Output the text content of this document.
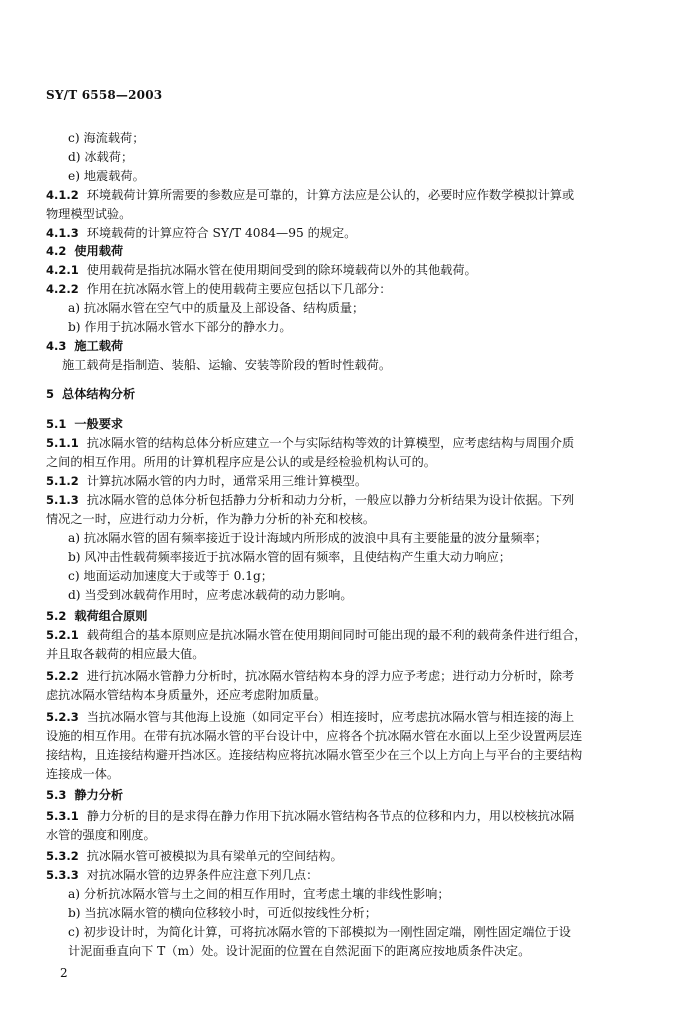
SY/T 6558—2003
c) 海流载荷；
d) 冰载荷；
e) 地震载荷。
4.1.2 环境载荷计算所需要的参数应是可靠的，计算方法应是公认的，必要时应作数学模拟计算或
物理模型试验。
4.1.3 环境载荷的计算应符合 SY/T 4084—95 的规定。
4.2 使用载荷
4.2.1 使用载荷是指抗冰隔水管在使用期间受到的除环境载荷以外的其他载荷。
4.2.2 作用在抗冰隔水管上的使用载荷主要应包括以下几部分：
a) 抗冰隔水管在空气中的质量及上部设备、结构质量；
b) 作用于抗冰隔水管水下部分的静水力。
4.3 施工载荷
施工载荷是指制造、装船、运输、安装等阶段的暂时性载荷。
5 总体结构分析
5.1 一般要求
5.1.1 抗冰隔水管的结构总体分析应建立一个与实际结构等效的计算模型，应考虑结构与周围介质
之间的相互作用。所用的计算机程序应是公认的或是经检验机构认可的。
5.1.2 计算抗冰隔水管的内力时，通常采用三维计算模型。
5.1.3 抗冰隔水管的总体分析包括静力分析和动力分析，一般应以静力分析结果为设计依据。下列
情况之一时，应进行动力分析，作为静力分析的补充和校核。
a) 抗冰隔水管的固有频率接近于设计海域内所形成的波浪中具有主要能量的波分量频率；
b) 风冲击性载荷频率接近于抗冰隔水管的固有频率，且使结构产生重大动力响应；
c) 地面运动加速度大于或等于 0.1g；
d) 当受到冰载荷作用时，应考虑冰载荷的动力影响。
5.2 载荷组合原则
5.2.1 载荷组合的基本原则应是抗冰隔水管在使用期间同时可能出现的最不利的载荷条件进行组合，
并且取各载荷的相应最大值。
5.2.2 进行抗冰隔水管静力分析时，抗冰隔水管结构本身的浮力应予考虑；进行动力分析时，除考
虑抗冰隔水管结构本身质量外，还应考虑附加质量。
5.2.3 当抗冰隔水管与其他海上设施（如同定平台）相连接时，应考虑抗冰隔水管与相连接的海上
设施的相互作用。在带有抗冰隔水管的平台设计中，应将各个抗冰隔水管在水面以上至少设置两层连
接结构，且连接结构避开挡冰区。连接结构应将抗冰隔水管至少在三个以上方向上与平台的主要结构
连接成一体。
5.3 静力分析
5.3.1 静力分析的目的是求得在静力作用下抗冰隔水管结构各节点的位移和内力，用以校核抗冰隔
水管的强度和刚度。
5.3.2 抗冰隔水管可被模拟为具有梁单元的空间结构。
5.3.3 对抗冰隔水管的边界条件应注意下列几点：
a) 分析抗冰隔水管与土之间的相互作用时，宜考虑土壤的非线性影响；
b) 当抗冰隔水管的横向位移较小时，可近似按线性分析；
c) 初步设计时，为简化计算，可将抗冰隔水管的下部模拟为一刚性固定端，刚性固定端位于设
计泥面垂直向下 T（m）处。设计泥面的位置在自然泥面下的距离应按地质条件决定。
2
